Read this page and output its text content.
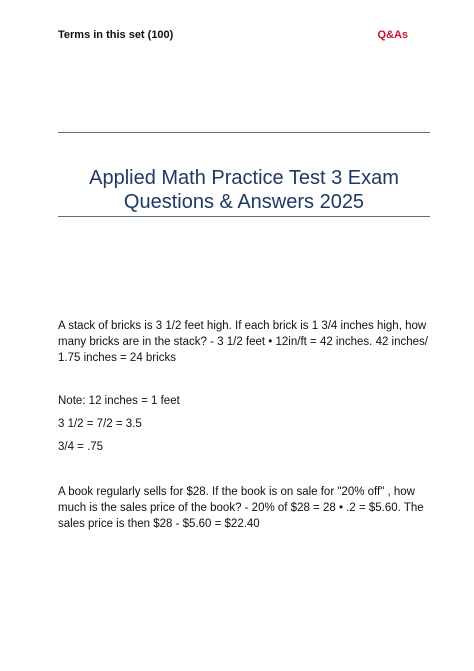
Terms in this set (100)	Q&As
Applied Math Practice Test 3 Exam
Questions & Answers 2025
A stack of bricks is 3 1/2 feet high. If each brick is 1 3/4 inches high, how
many bricks are in the stack? - 3 1/2 feet • 12in/ft = 42 inches. 42 inches/
1.75 inches = 24 bricks
Note: 12 inches = 1 feet
3 1/2 = 7/2 = 3.5
3/4 = .75
A book regularly sells for $28. If the book is on sale for "20% off" , how
much is the sales price of the book? - 20% of $28 = 28 • .2 = $5.60. The
sales price is then $28 - $5.60 = $22.40
